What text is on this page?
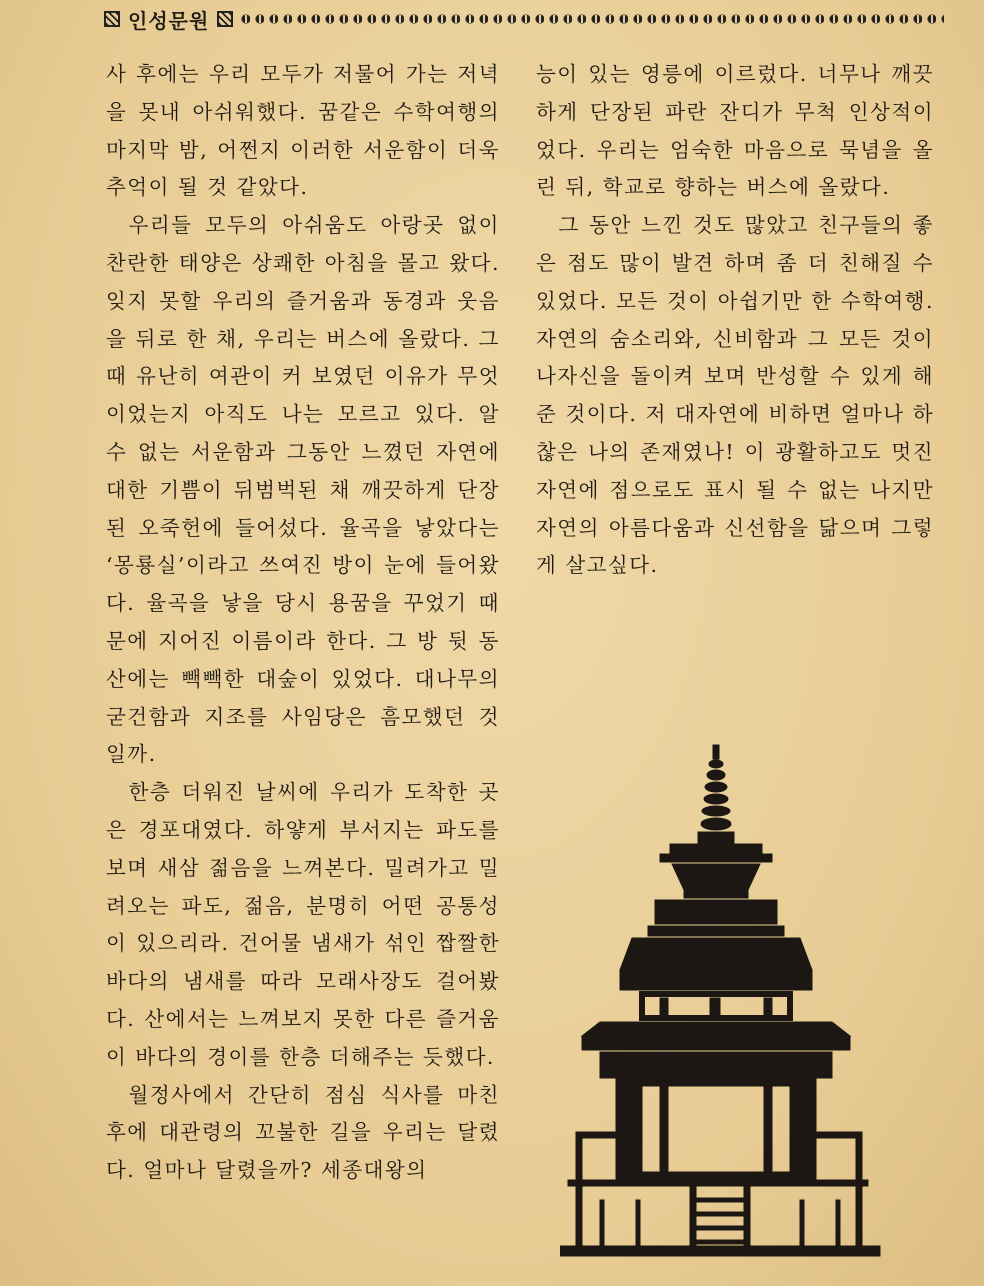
인성문원

사 후에는 우리 모두가 저물어 가는 저녁을 못내 아쉬워했다. 꿈같은 수학여행의 마지막 밤, 어쩐지 이러한 서운함이 더욱 추억이 될 것 같았다.

우리들 모두의 아쉬움도 아랑곳 없이 찬란한 태양은 상쾌한 아침을 몰고 왔다. 잊지 못할 우리의 즐거움과 동경과 웃음을 뒤로 한 채, 우리는 버스에 올랐다. 그 때 유난히 여관이 커 보였던 이유가 무엇이었는지 아직도 나는 모르고 있다. 알 수 없는 서운함과 그동안 느꼈던 자연에 대한 기쁨이 뒤범벅된 채 깨끗하게 단장된 오죽헌에 들어섰다. 율곡을 낳았다는 ‘몽룡실’이라고 쓰여진 방이 눈에 들어왔다. 율곡을 낳을 당시 용꿈을 꾸었기 때문에 지어진 이름이라 한다. 그 방 뒷 동산에는 빽빽한 대숲이 있었다. 대나무의 굳건함과 지조를 사임당은 흠모했던 것일까.

한층 더워진 날씨에 우리가 도착한 곳은 경포대였다. 하얗게 부서지는 파도를 보며 새삼 젊음을 느껴본다. 밀려가고 밀려오는 파도, 젊음, 분명히 어떤 공통성이 있으리라. 건어물 냄새가 섞인 짭짤한 바다의 냄새를 따라 모래사장도 걸어봤다. 산에서는 느껴보지 못한 다른 즐거움이 바다의 경이를 한층 더해주는 듯했다.

월정사에서 간단히 점심 식사를 마친 후에 대관령의 꼬불한 길을 우리는 달렸다. 얼마나 달렸을까? 세종대왕의

능이 있는 영릉에 이르렀다. 너무나 깨끗하게 단장된 파란 잔디가 무척 인상적이었다. 우리는 엄숙한 마음으로 묵념을 올린 뒤, 학교로 향하는 버스에 올랐다.

그 동안 느낀 것도 많았고 친구들의 좋은 점도 많이 발견 하며 좀 더 친해질 수 있었다. 모든 것이 아쉽기만 한 수학여행. 자연의 숨소리와, 신비함과 그 모든 것이 나자신을 돌이켜 보며 반성할 수 있게 해 준 것이다. 저 대자연에 비하면 얼마나 하찮은 나의 존재였나! 이 광활하고도 멋진 자연에 점으로도 표시 될 수 없는 나지만 자연의 아름다움과 신선함을 닮으며 그렇게 살고싶다.
